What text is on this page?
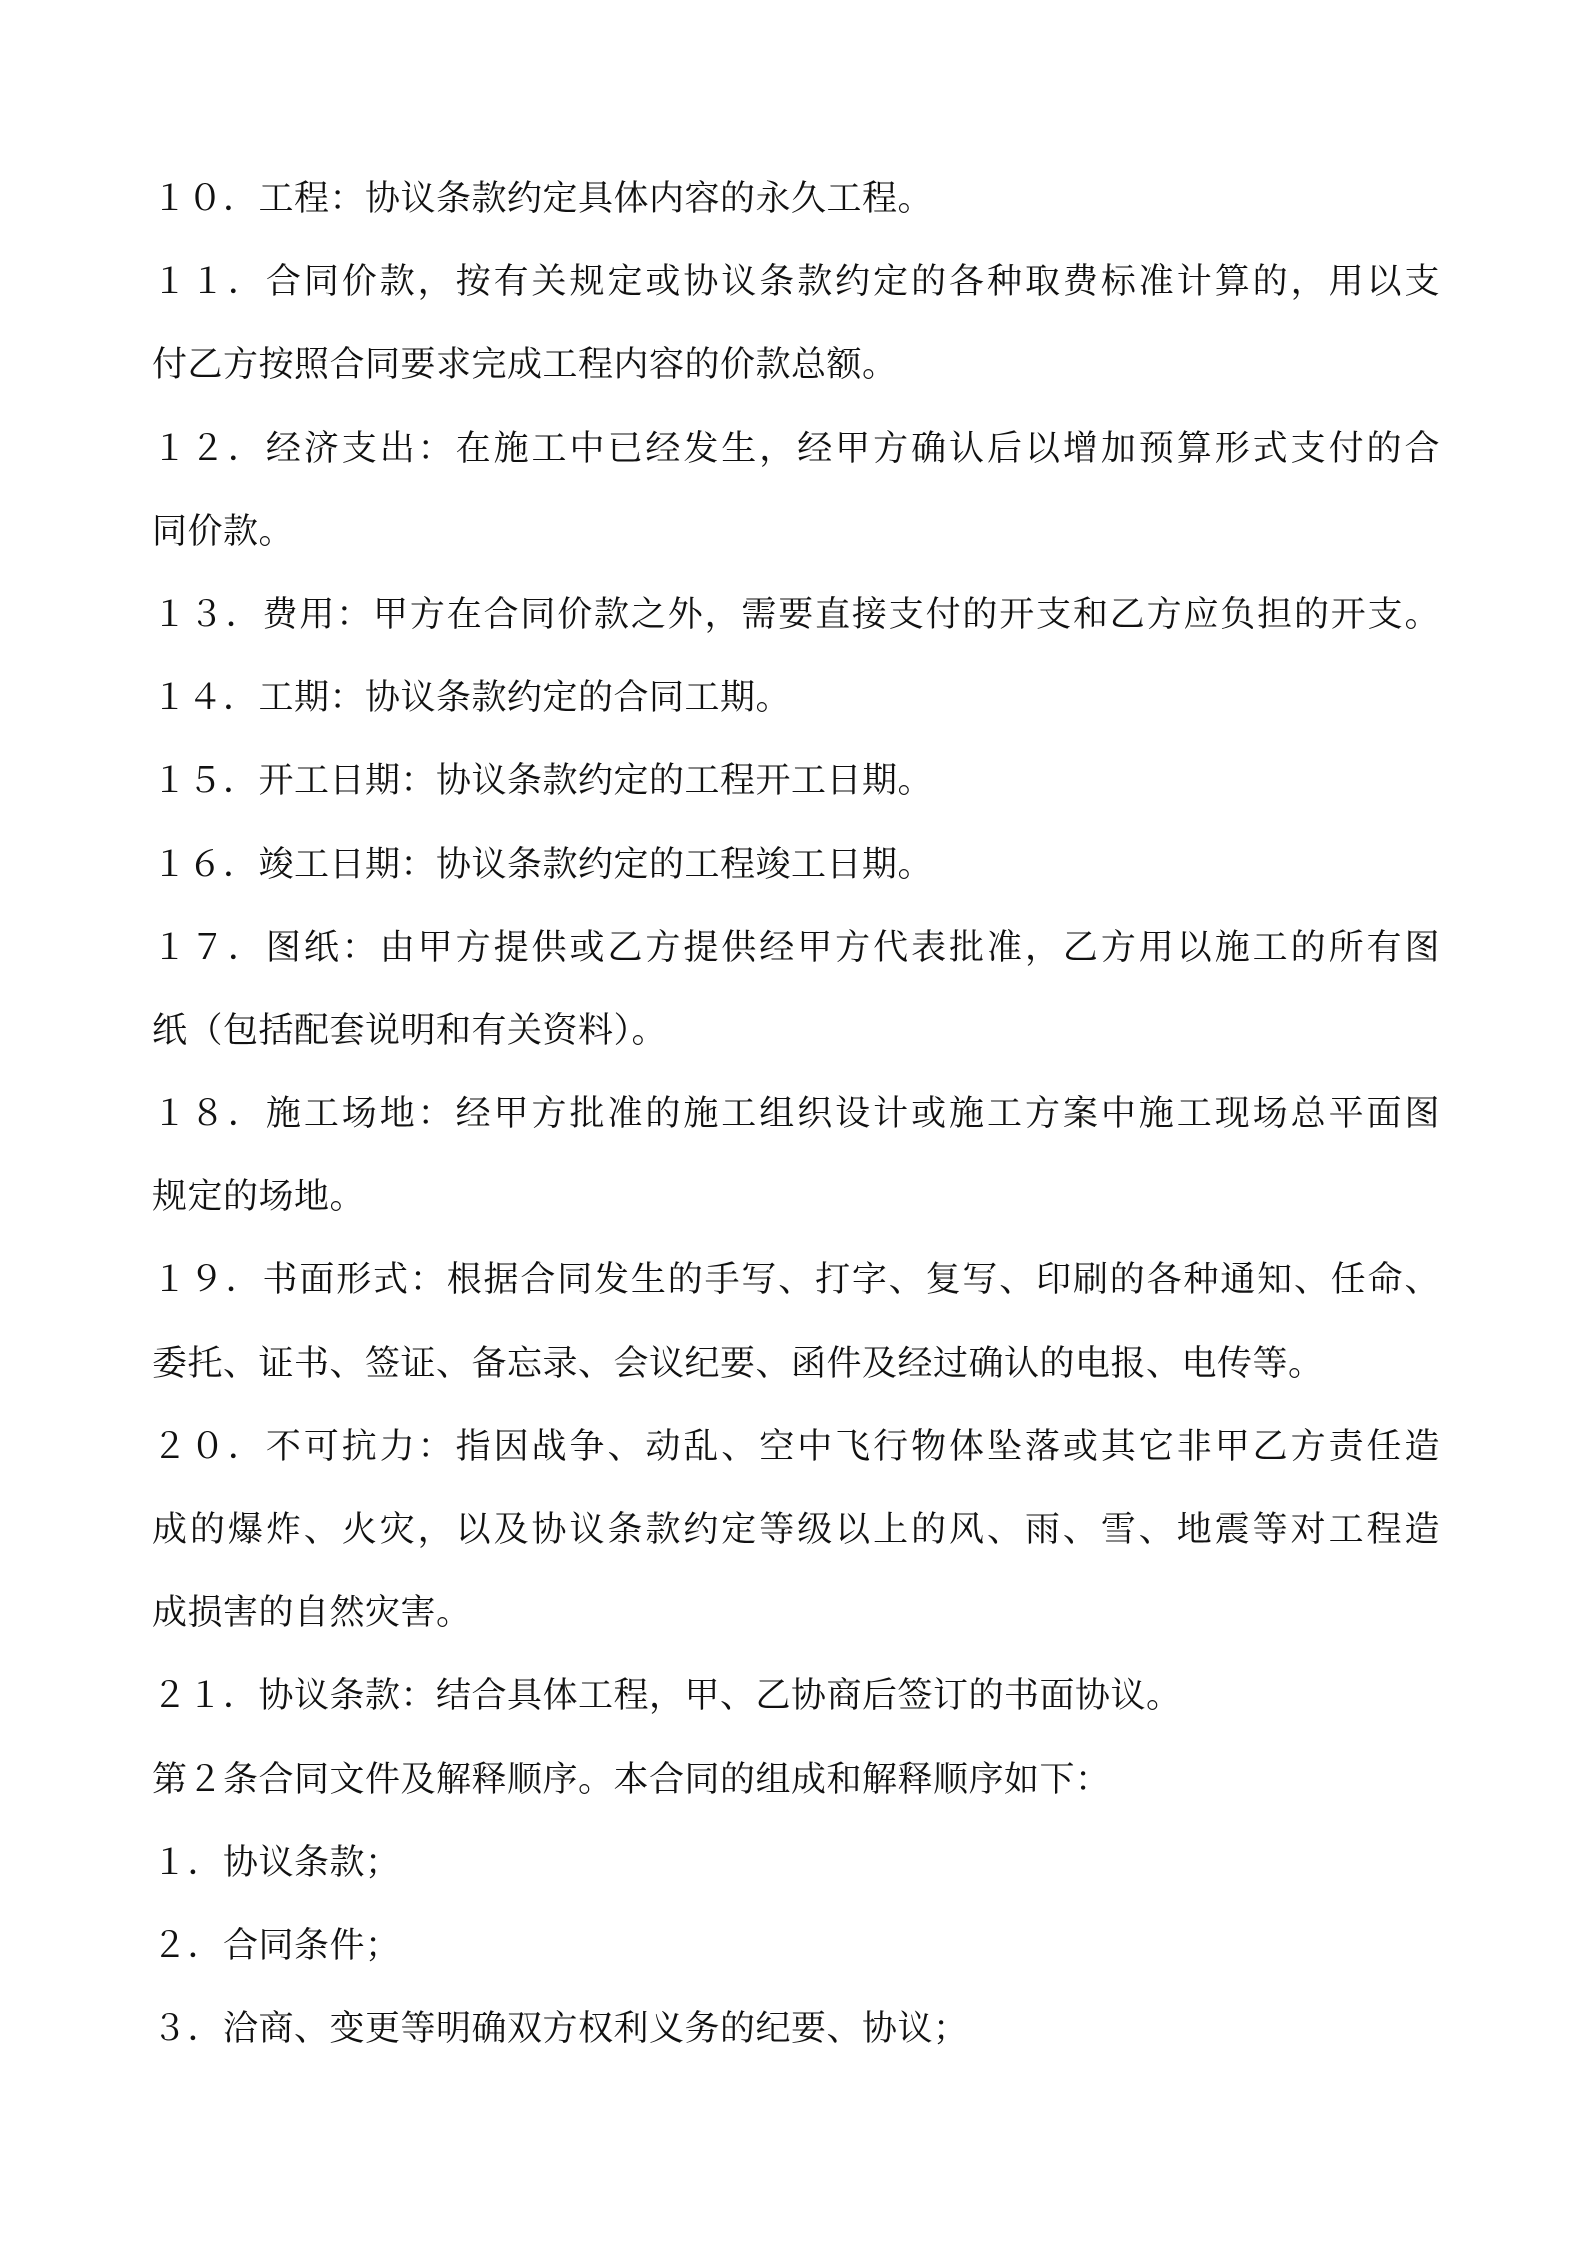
１０．工程：协议条款约定具体内容的永久工程。
１１．合同价款，按有关规定或协议条款约定的各种取费标准计算的，用以支
付乙方按照合同要求完成工程内容的价款总额。
１２．经济支出：在施工中已经发生，经甲方确认后以增加预算形式支付的合
同价款。
１３．费用：甲方在合同价款之外，需要直接支付的开支和乙方应负担的开支。
１４．工期：协议条款约定的合同工期。
１５．开工日期：协议条款约定的工程开工日期。
１６．竣工日期：协议条款约定的工程竣工日期。
１７．图纸：由甲方提供或乙方提供经甲方代表批准，乙方用以施工的所有图
纸（包括配套说明和有关资料）。
１８．施工场地：经甲方批准的施工组织设计或施工方案中施工现场总平面图
规定的场地。
１９．书面形式：根据合同发生的手写、打字、复写、印刷的各种通知、任命、
委托、证书、签证、备忘录、会议纪要、函件及经过确认的电报、电传等。
２０．不可抗力：指因战争、动乱、空中飞行物体坠落或其它非甲乙方责任造
成的爆炸、火灾，以及协议条款约定等级以上的风、雨、雪、地震等对工程造
成损害的自然灾害。
２１．协议条款：结合具体工程，甲、乙协商后签订的书面协议。
第２条合同文件及解释顺序。本合同的组成和解释顺序如下：
１．协议条款；
２．合同条件；
３．洽商、变更等明确双方权利义务的纪要、协议；
